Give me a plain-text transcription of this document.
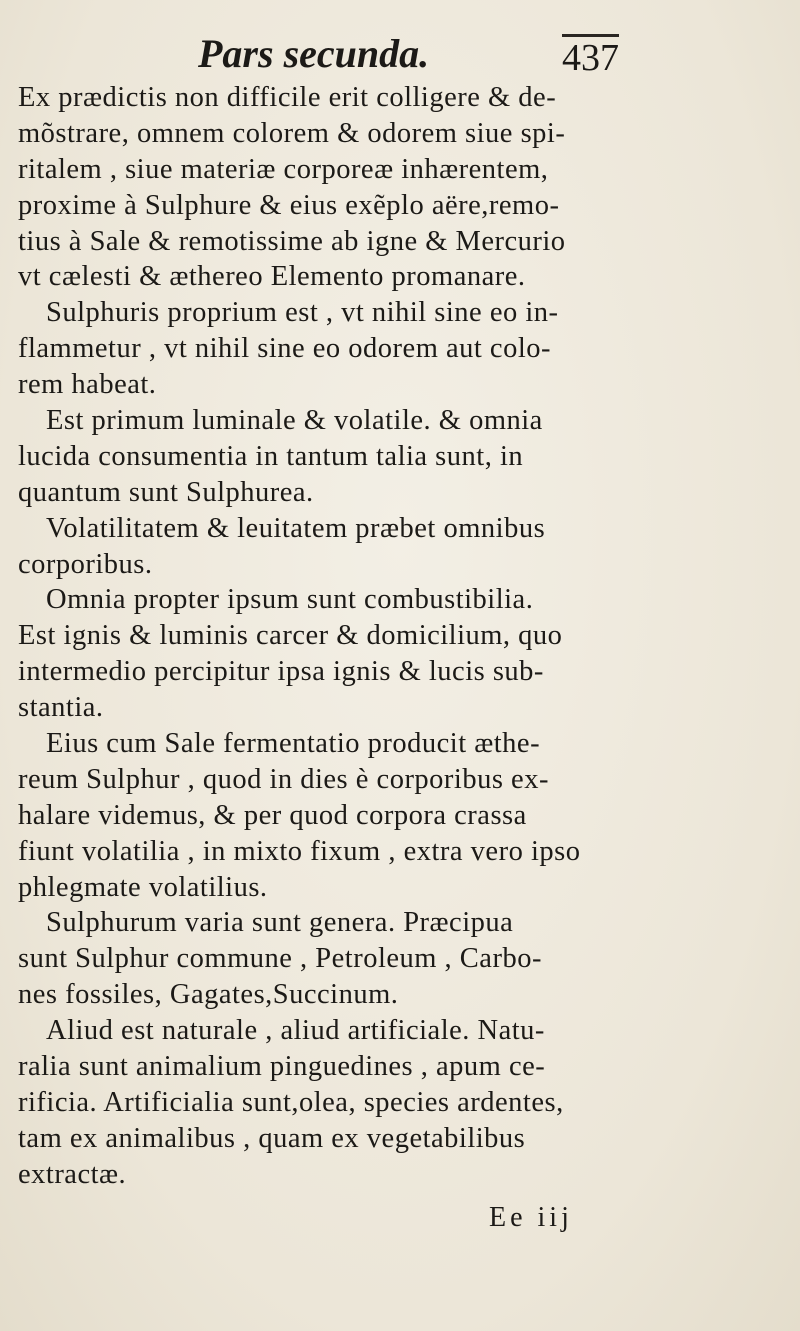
Pars secunda.	437
Ex prædictis non difficile erit colligere & de-
mõstrare, omnem colorem & odorem siue spi-
ritalem , siue materiæ corporeæ inhærentem,
proxime à Sulphure & eius exẽplo aëre,remo-
tius à Sale & remotissime ab igne & Mercurio
vt cælesti & æthereo Elemento promanare.
Sulphuris proprium est , vt nihil sine eo in-
flammetur , vt nihil sine eo odorem aut colo-
rem habeat.
Est primum luminale & volatile. & omnia
lucida consumentia in tantum talia sunt, in
quantum sunt Sulphurea.
Volatilitatem & leuitatem præbet omnibus
corporibus.
Omnia propter ipsum sunt combustibilia.
Est ignis & luminis carcer & domicilium, quo
intermedio percipitur ipsa ignis & lucis sub-
stantia.
Eius cum Sale fermentatio producit æthe-
reum Sulphur , quod in dies è corporibus ex-
halare videmus, & per quod corpora crassa
fiunt volatilia , in mixto fixum , extra vero ipso
phlegmate volatilius.
Sulphurum varia sunt genera. Præcipua
sunt Sulphur commune , Petroleum , Carbo-
nes fossiles, Gagates,Succinum.
Aliud est naturale , aliud artificiale. Natu-
ralia sunt animalium pinguedines , apum ce-
rificia. Artificialia sunt,olea, species ardentes,
tam ex animalibus , quam ex vegetabilibus
extractæ.
Ee iij
